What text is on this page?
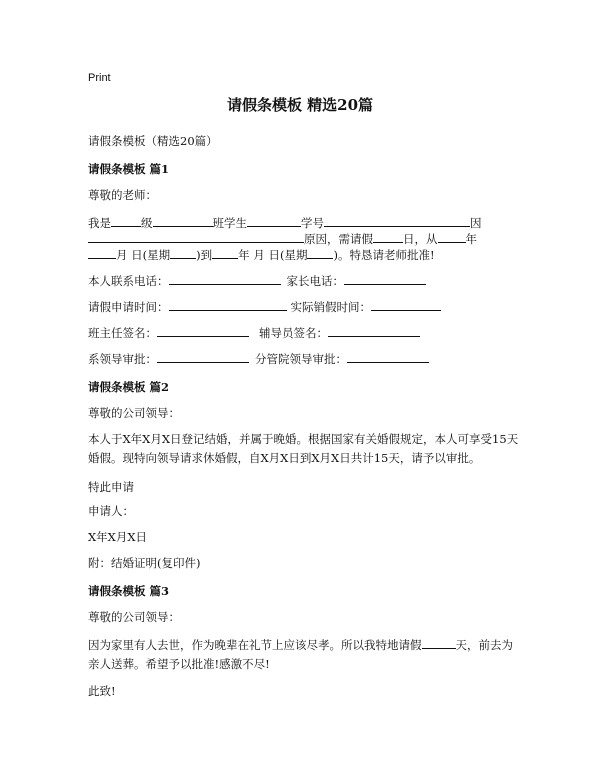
Print
请假条模板 精选20篇
请假条模板（精选20篇）
请假条模板 篇1
尊敬的老师：
我是	级	班学生	学号	因
原因，需请假	日，从 年
月 日(星期 )到 年 月 日(星期 )。特恳请老师批准!
本人联系电话：	家长电话：
请假申请时间：	实际销假时间：
班主任签名：	辅导员签名：
系领导审批：	分管院领导审批：
请假条模板 篇2
尊敬的公司领导：
本人于X年X月X日登记结婚，并属于晚婚。根据国家有关婚假规定，本人可享受15天婚假。现特向领导请求休婚假，自X月X日到X月X日共计15天，请予以审批。
特此申请
申请人：
X年X月X日
附：结婚证明(复印件)
请假条模板 篇3
尊敬的公司领导：
因为家里有人去世，作为晚辈在礼节上应该尽孝。所以我特地请假	天，前去为亲人送葬。希望予以批准!感激不尽!
此致!
